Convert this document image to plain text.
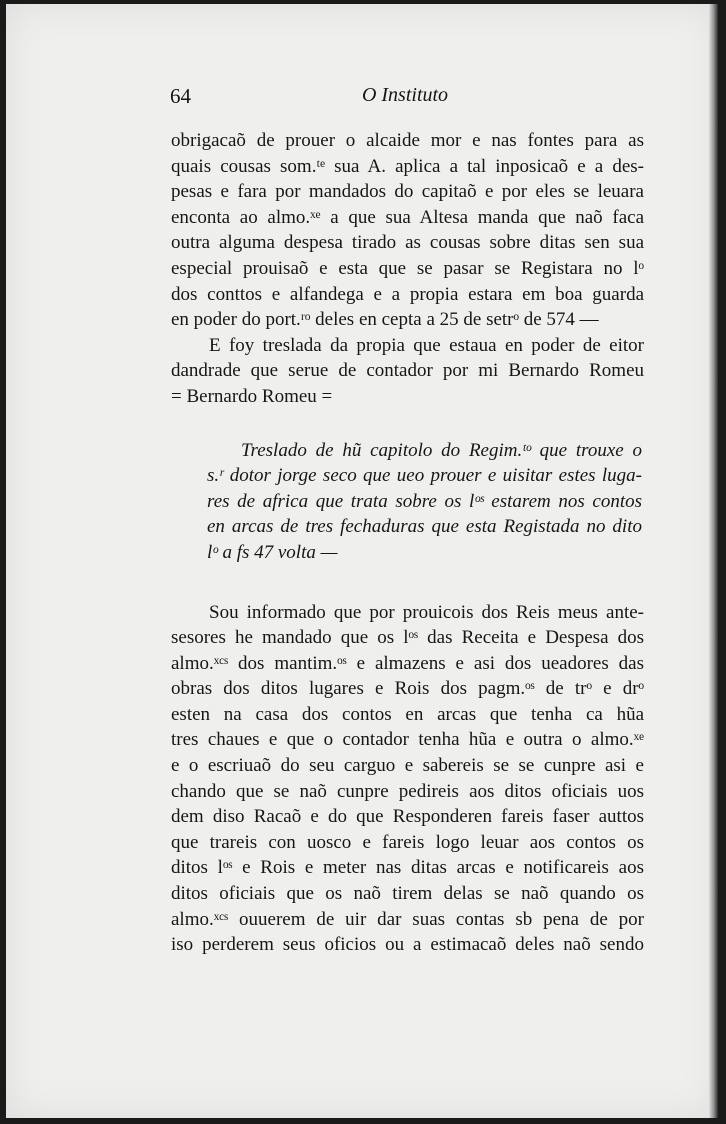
64	O Instituto
obrigacaõ de prouer o alcaide mor e nas fontes para as
quais cousas som.ᵗᵉ sua A. aplica a tal inposicaõ e a des-
pesas e fara por mandados do capitaõ e por eles se leuara
enconta ao almo.ˣᵉ a que sua Altesa manda que naõ faca
outra alguma despesa tirado as cousas sobre ditas sen sua
especial prouisaõ e esta que se pasar se Registara no lᵒ
dos conttos e alfandega e a propia estara em boa guarda
en poder do port.ʳᵒ deles en cepta a 25 de setrᵒ de 574 —
E foy treslada da propia que estaua en poder de eitor
dandrade que serue de contador por mi Bernardo Romeu
= Bernardo Romeu =
Treslado de hũ capitolo do Regim.ᵗᵒ que trouxe o
s.ʳ dotor jorge seco que ueo prouer e uisitar estes luga-
res de africa que trata sobre os lᵒˢ estarem nos contos
en arcas de tres fechaduras que esta Registada no dito
lᵒ a fs 47 volta —
Sou informado que por prouicois dos Reis meus ante-
sesores he mandado que os lᵒˢ das Receita e Despesa dos
almo.ˣᶜˢ dos mantim.ᵒˢ e almazens e asi dos ueadores das
obras dos ditos lugares e Rois dos pagm.ᵒˢ de trᵒ e drᵒ
esten na casa dos contos en arcas que tenha ca hũa
tres chaues e que o contador tenha hũa e outra o almo.ˣᵉ
e o escriuaõ do seu carguo e sabereis se se cunpre asi e
chando que se naõ cunpre pedireis aos ditos oficiais uos
dem diso Racaõ e do que Responderen fareis faser auttos
que trareis con uosco e fareis logo leuar aos contos os
ditos lᵒˢ e Rois e meter nas ditas arcas e notificareis aos
ditos oficiais que os naõ tirem delas se naõ quando os
almo.ˣᶜˢ ouuerem de uir dar suas contas sb pena de por
iso perderem seus oficios ou a estimacaõ deles naõ sendo
